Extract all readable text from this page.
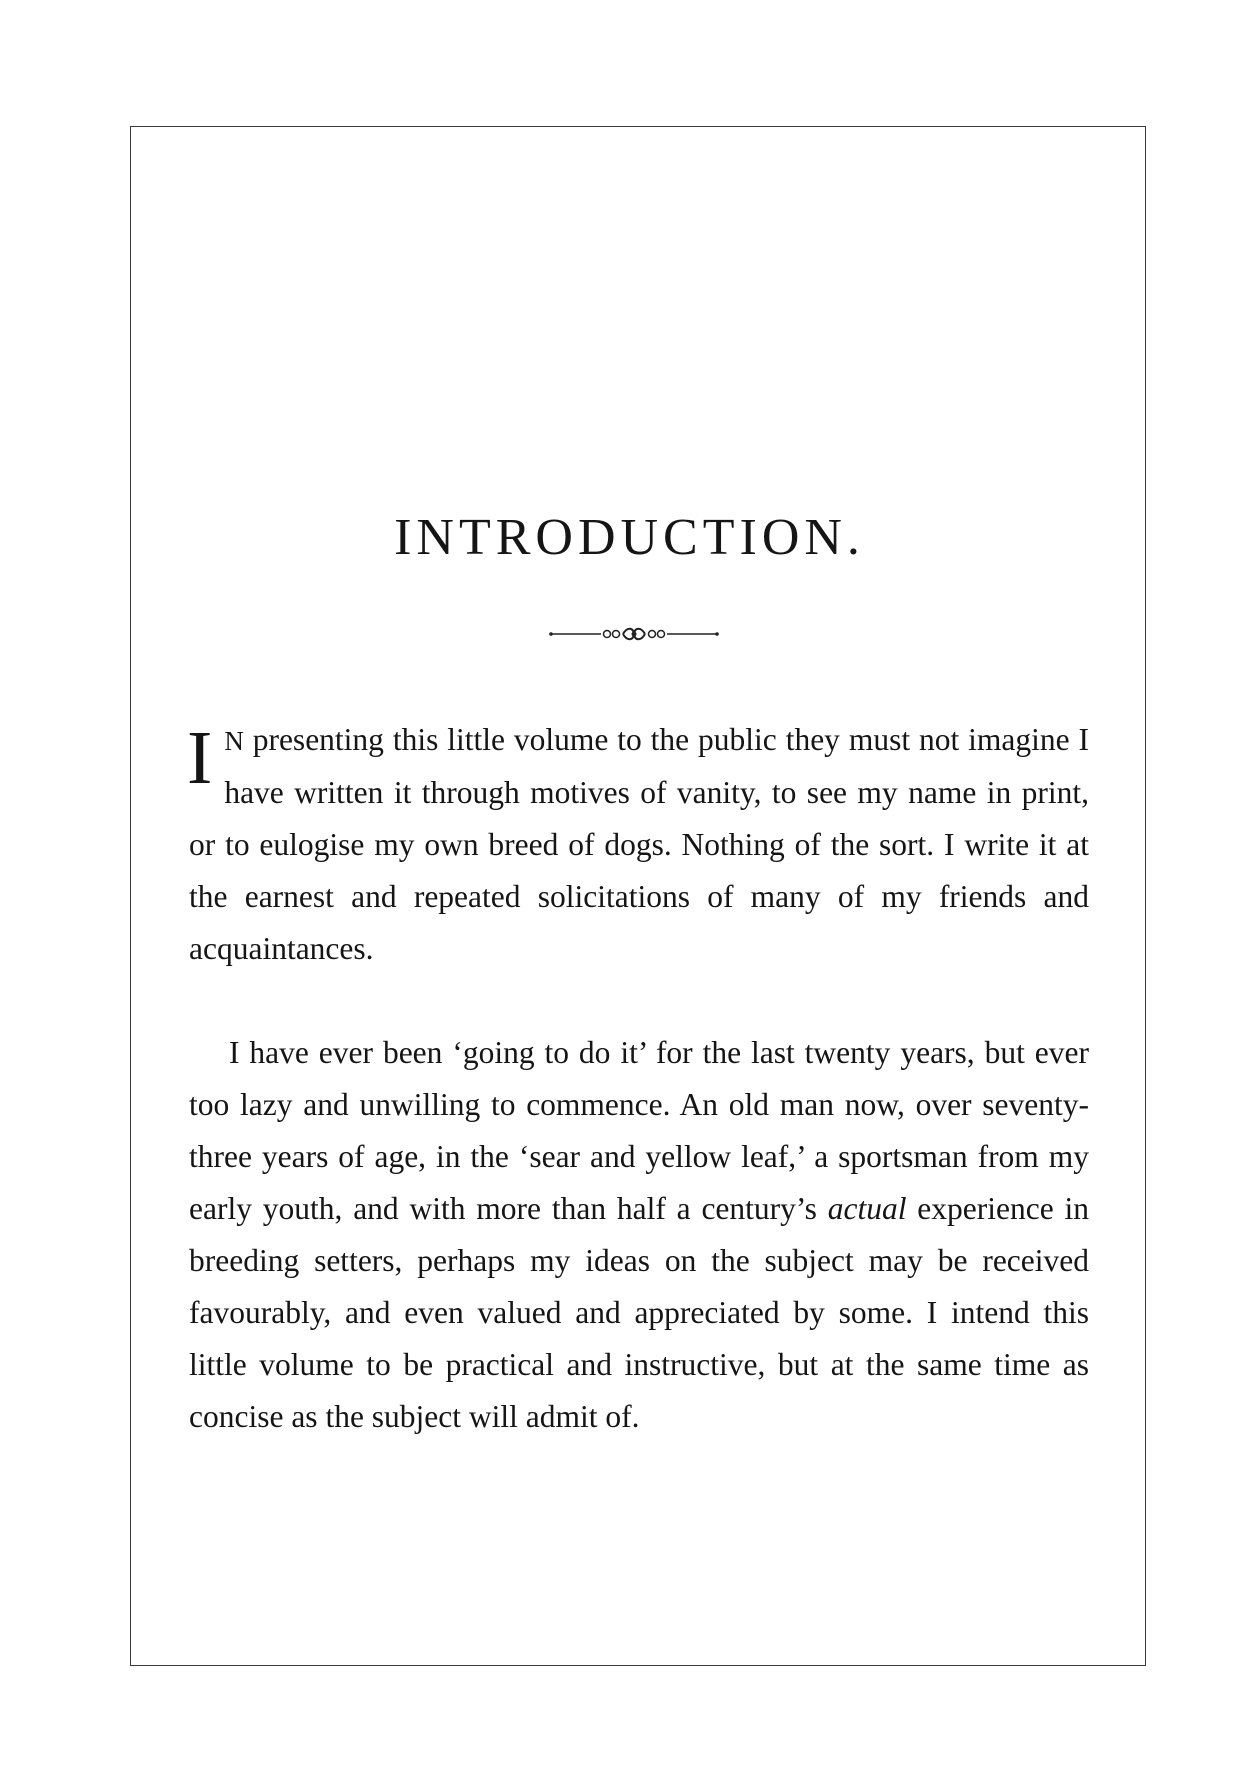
INTRODUCTION.

I N presenting this little volume to the public they must not imagine I have written it through motives of vanity, to see my name in print, or to eulogise my own breed of dogs. Nothing of the sort. I write it at the earnest and repeated solicitations of many of my friends and acquaintances.

I have ever been ‘going to do it’ for the last twenty years, but ever too lazy and unwilling to commence. An old man now, over seventy-three years of age, in the ‘sear and yellow leaf,’ a sportsman from my early youth, and with more than half a century’s actual experience in breeding setters, perhaps my ideas on the subject may be received favourably, and even valued and appreciated by some. I intend this little volume to be practical and instructive, but at the same time as concise as the subject will admit of.
